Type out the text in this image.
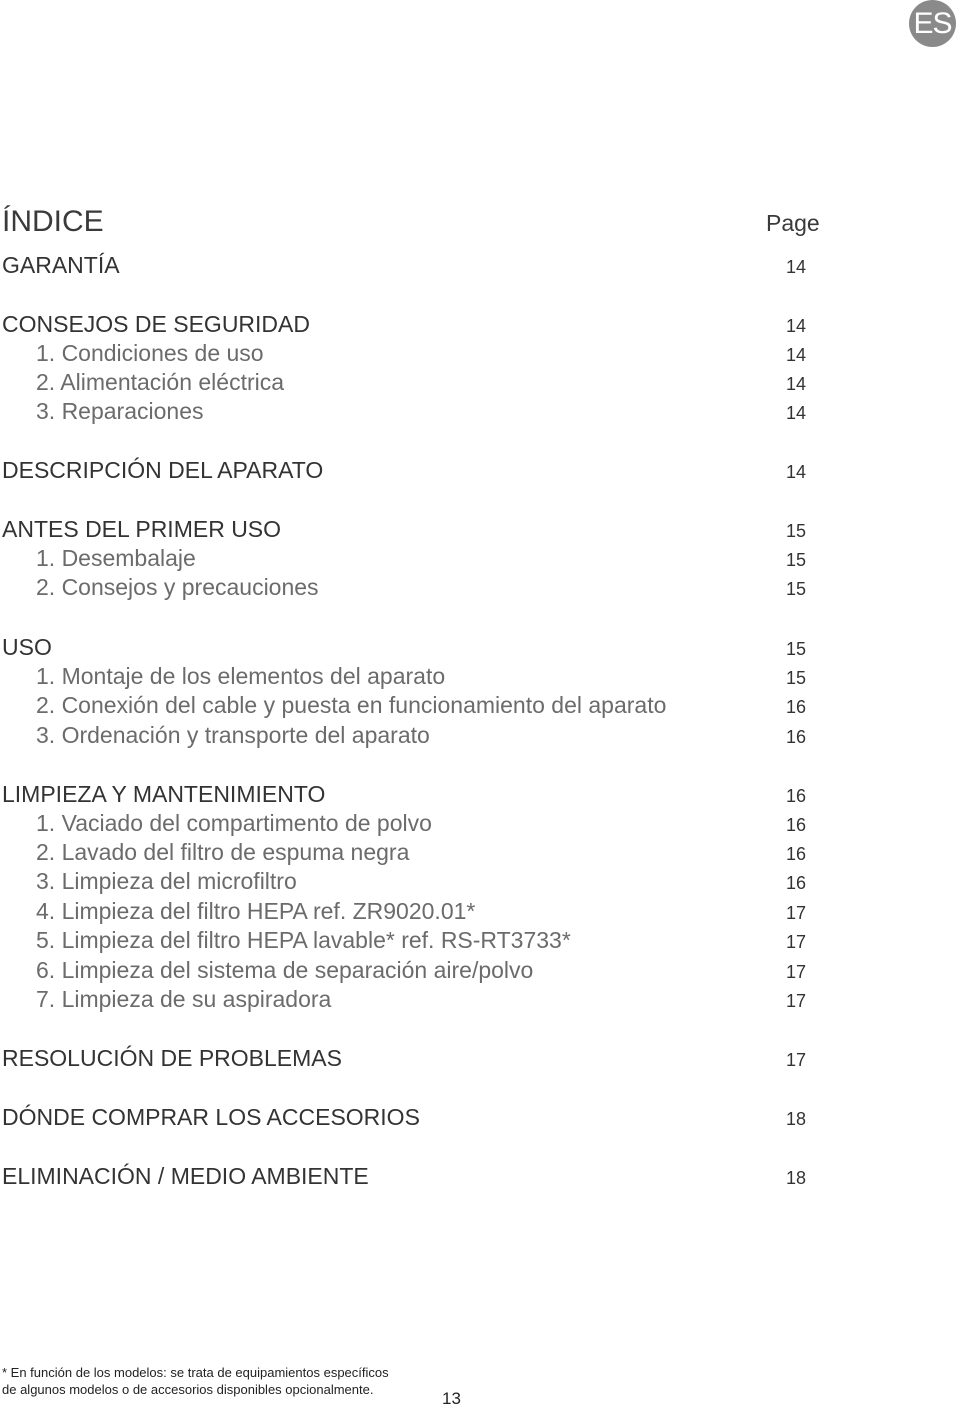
ES
ÍNDICE	Page
GARANTÍA	14
CONSEJOS DE SEGURIDAD	14
1. Condiciones de uso	14
2. Alimentación eléctrica	14
3. Reparaciones	14
DESCRIPCIÓN DEL APARATO	14
ANTES DEL PRIMER USO	15
1. Desembalaje	15
2. Consejos y precauciones	15
USO	15
1. Montaje de los elementos del aparato	15
2. Conexión del cable y puesta en funcionamiento del aparato	16
3. Ordenación y transporte del aparato	16
LIMPIEZA Y MANTENIMIENTO	16
1. Vaciado del compartimento de polvo	16
2. Lavado del filtro de espuma negra	16
3. Limpieza del microfiltro	16
4. Limpieza del filtro HEPA ref. ZR9020.01*	17
5. Limpieza del filtro HEPA lavable* ref. RS-RT3733*	17
6. Limpieza del sistema de separación aire/polvo	17
7. Limpieza de su aspiradora	17
RESOLUCIÓN DE PROBLEMAS	17
DÓNDE COMPRAR LOS ACCESORIOS	18
ELIMINACIÓN / MEDIO AMBIENTE	18
* En función de los modelos: se trata de equipamientos específicos
de algunos modelos o de accesorios disponibles opcionalmente.	13
